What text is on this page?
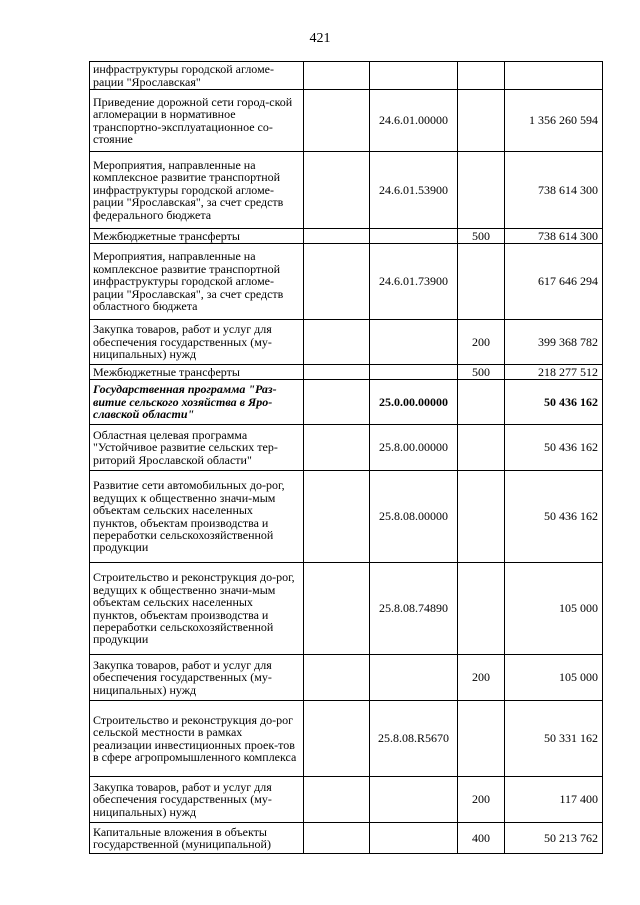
421
инфраструктуры городской агломе-рации "Ярославская"				
Приведение дорожной сети город-ской агломерации в нормативное транспортно-эксплуатационное со-стояние		24.6.01.00000		1 356 260 594
Мероприятия, направленные на комплексное развитие транспортной инфраструктуры городской агломе-рации "Ярославская", за счет средств федерального бюджета		24.6.01.53900		738 614 300
Межбюджетные трансферты			500	738 614 300
Мероприятия, направленные на комплексное развитие транспортной инфраструктуры городской агломе-рации "Ярославская", за счет средств областного бюджета		24.6.01.73900		617 646 294
Закупка товаров, работ и услуг для обеспечения государственных (му-ниципальных) нужд			200	399 368 782
Межбюджетные трансферты			500	218 277 512
Государственная программа "Раз-витие сельского хозяйства в Яро-славской области"		25.0.00.00000		50 436 162
Областная целевая программа "Устойчивое развитие сельских тер-риторий Ярославской области"		25.8.00.00000		50 436 162
Развитие сети автомобильных до-рог, ведущих к общественно значи-мым объектам сельских населенных пунктов, объектам производства и переработки сельскохозяйственной продукции		25.8.08.00000		50 436 162
Строительство и реконструкция до-рог, ведущих к общественно значи-мым объектам сельских населенных пунктов, объектам производства и переработки сельскохозяйственной продукции		25.8.08.74890		105 000
Закупка товаров, работ и услуг для обеспечения государственных (му-ниципальных) нужд			200	105 000
Строительство и реконструкция до-рог сельской местности в рамках реализации инвестиционных проек-тов в сфере агропромышленного комплекса		25.8.08.R5670		50 331 162
Закупка товаров, работ и услуг для обеспечения государственных (му-ниципальных) нужд			200	117 400
Капитальные вложения в объекты государственной (муниципальной)			400	50 213 762
